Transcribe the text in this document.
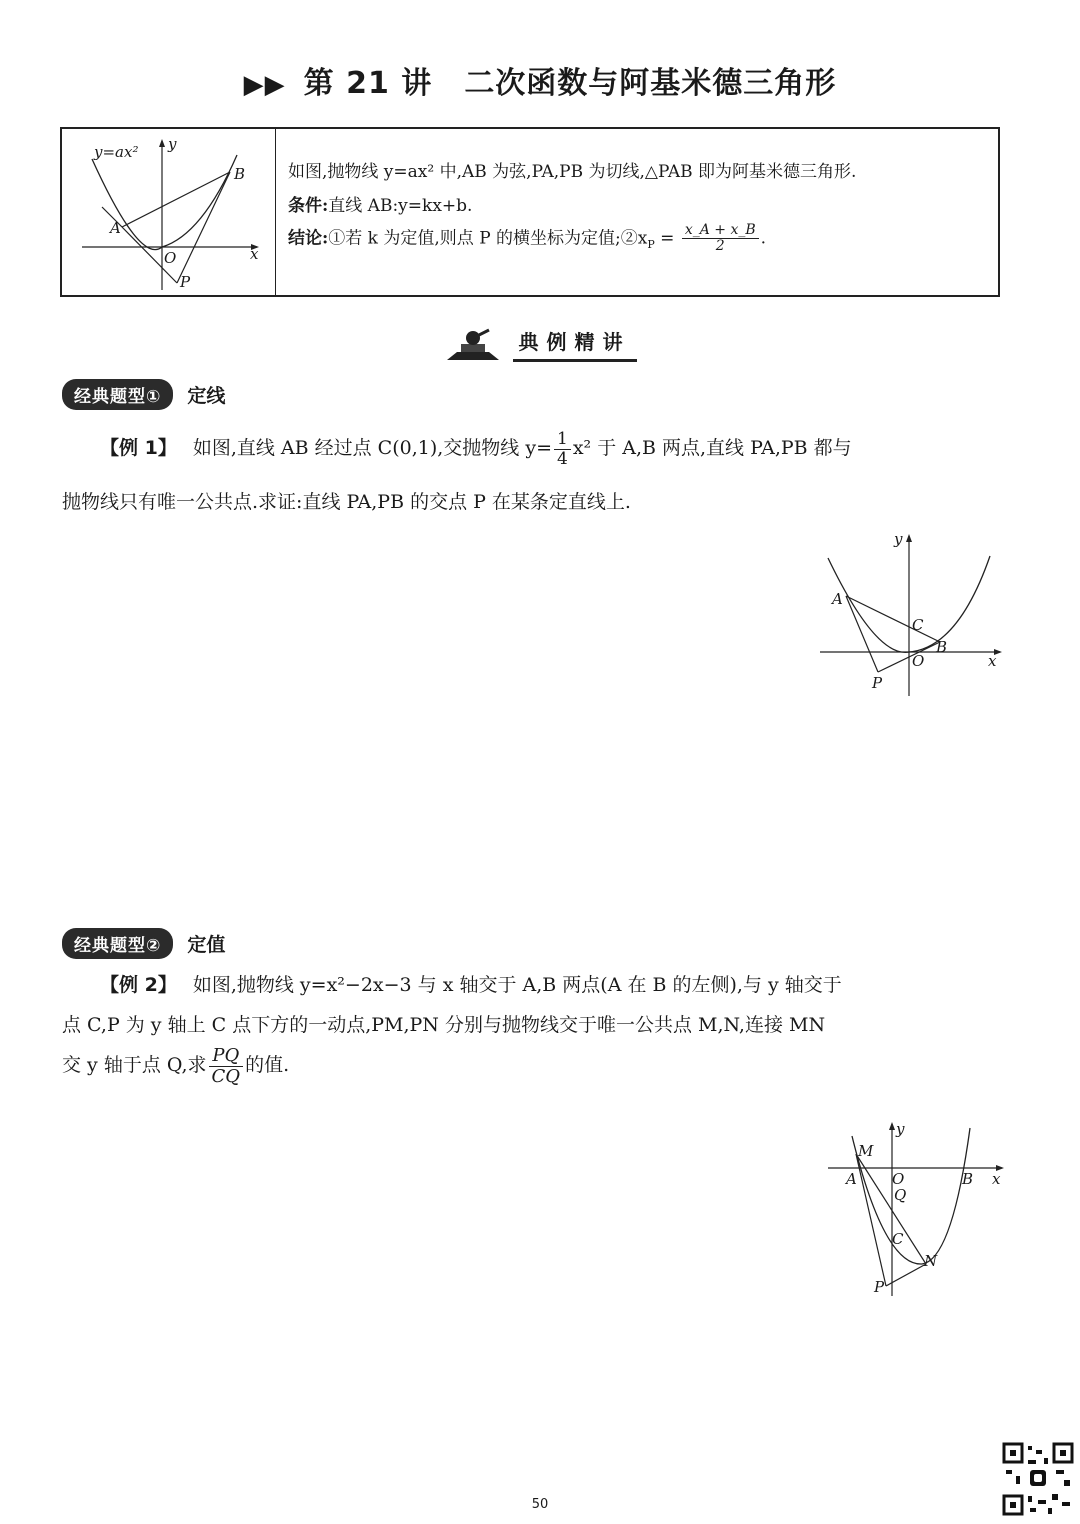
▶▶ 第 21 讲 二次函数与阿基米德三角形
y=ax² y
x
A
B
O
P
如图,抛物线 y=ax² 中,AB 为弦,PA,PB 为切线,△PAB 即为阿基米德三角形.
条件:直线 AB:y=kx+b.
结论:①若 k 为定值,则点 P 的横坐标为定值$;②x_P = \frac{x\_A + x\_B}{2}$ .
典例精讲
经典题型① 定线
【例 1】 如图,直线 AB 经过点 C(0,1),交抛物线 $y= \frac{1}{4} x^2$ 于 A,B 两点,直线 PA,PB 都与
抛物线只有唯一公共点.求证:直线 PA,PB 的交点 P 在某条定直线上.
y
x
A
B
C
O
P
经典题型② 定值
【例 2】 如图,抛物线 y=x²−2x−3 与 x 轴交于 A,B 两点(A 在 B 的左侧),与 y 轴交于
点 C,P 为 y 轴上 C 点下方的一动点,PM,PN 分别与抛物线交于唯一公共点 M,N,连接 MN
交 y 轴于点 Q,求 $\frac{PQ}{CQ}$ 的值.
y
x
M
A O
Q
B
C
N
P
50
